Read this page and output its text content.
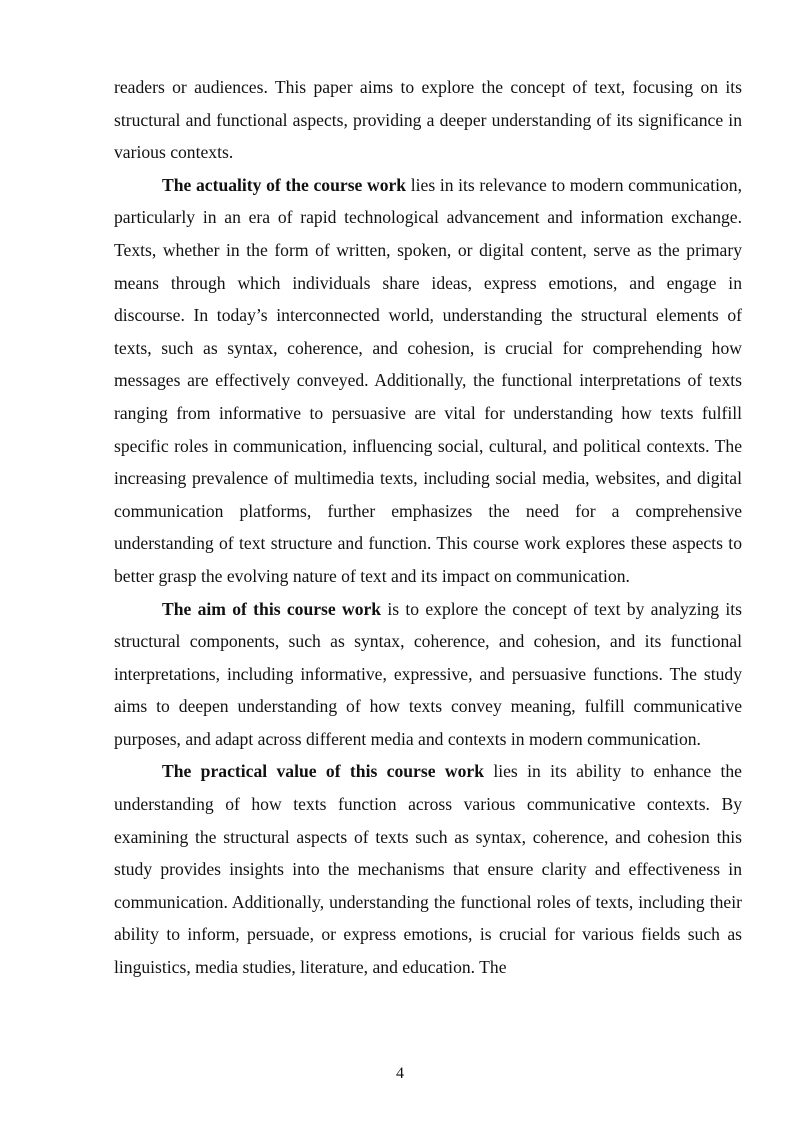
readers or audiences. This paper aims to explore the concept of text, focusing on its structural and functional aspects, providing a deeper understanding of its significance in various contexts.

The actuality of the course work lies in its relevance to modern communication, particularly in an era of rapid technological advancement and information exchange. Texts, whether in the form of written, spoken, or digital content, serve as the primary means through which individuals share ideas, express emotions, and engage in discourse. In today’s interconnected world, understanding the structural elements of texts, such as syntax, coherence, and cohesion, is crucial for comprehending how messages are effectively conveyed. Additionally, the functional interpretations of texts ranging from informative to persuasive are vital for understanding how texts fulfill specific roles in communication, influencing social, cultural, and political contexts. The increasing prevalence of multimedia texts, including social media, websites, and digital communication platforms, further emphasizes the need for a comprehensive understanding of text structure and function. This course work explores these aspects to better grasp the evolving nature of text and its impact on communication.

The aim of this course work is to explore the concept of text by analyzing its structural components, such as syntax, coherence, and cohesion, and its functional interpretations, including informative, expressive, and persuasive functions. The study aims to deepen understanding of how texts convey meaning, fulfill communicative purposes, and adapt across different media and contexts in modern communication.

The practical value of this course work lies in its ability to enhance the understanding of how texts function across various communicative contexts. By examining the structural aspects of texts such as syntax, coherence, and cohesion this study provides insights into the mechanisms that ensure clarity and effectiveness in communication. Additionally, understanding the functional roles of texts, including their ability to inform, persuade, or express emotions, is crucial for various fields such as linguistics, media studies, literature, and education. The

4
